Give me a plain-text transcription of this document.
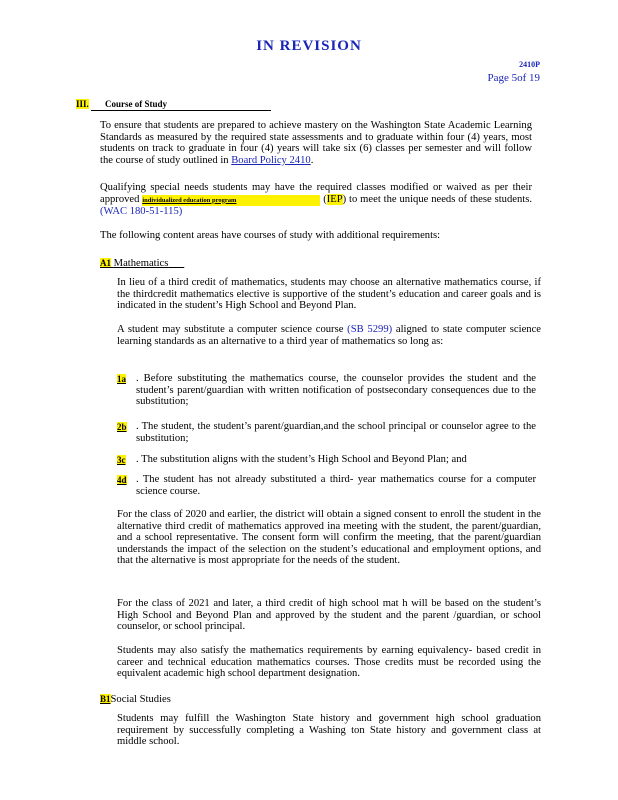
IN REVISION
2410P
Page 5of 19
III. Course of Study
To ensure that students are prepared to achieve mastery on the Washington State Academic Learning Standards as measured by the required state assessments and to graduate within four (4) years, most students on track to graduate in four (4) years will take six (6) classes per semester and will follow the course of study outlined in Board Policy 2410.
Qualifying special needs students may have the required classes modified or waived as per their approved individualized education program	(IEP) to meet the unique needs of these students. (WAC 180-51-115)
The following content areas have courses of study with additional requirements:
A1 Mathematics
In lieu of a third credit of mathematics, students may choose an alternative mathematics course, if the thirdcredit mathematics elective is supportive of the student’s education and career goals and is indicated in the student’s High School and Beyond Plan.
A student may substitute a computer science course (SB 5299) aligned to state computer science learning standards as an alternative to a third year of mathematics so long as:
1a . Before substituting the mathematics course, the counselor provides the student and the student’s parent/guardian with written notification of postsecondary consequences due to the substitution;
2b . The student, the student’s parent/guardian,and the school principal or counselor agree to the substitution;
3c . The substitution aligns with the student’s High School and Beyond Plan; and
4d . The student has not already substituted a third- year mathematics course for a computer science course.
For the class of 2020 and earlier, the district will obtain a signed consent to enroll the student in the alternative third credit of mathematics approved ina meeting with the student, the parent/guardian, and a school representative. The consent form will confirm the meeting, that the parent/guardian understands the impact of the selection on the student’s educational and employment options, and that the alternative is most appropriate for the needs of the student.
For the class of 2021 and later, a third credit of high school mat h will be based on the student’s High School and Beyond Plan and approved by the student and the parent /guardian, or school counselor, or school principal.
Students may also satisfy the mathematics requirements by earning equivalency- based credit in career and technical education mathematics courses. Those credits must be recorded using the equivalent academic high school department designation.
B1Social Studies
Students may fulfill the Washington State history and government high school graduation requirement by successfully completing a Washing ton State history and government class at middle school.
